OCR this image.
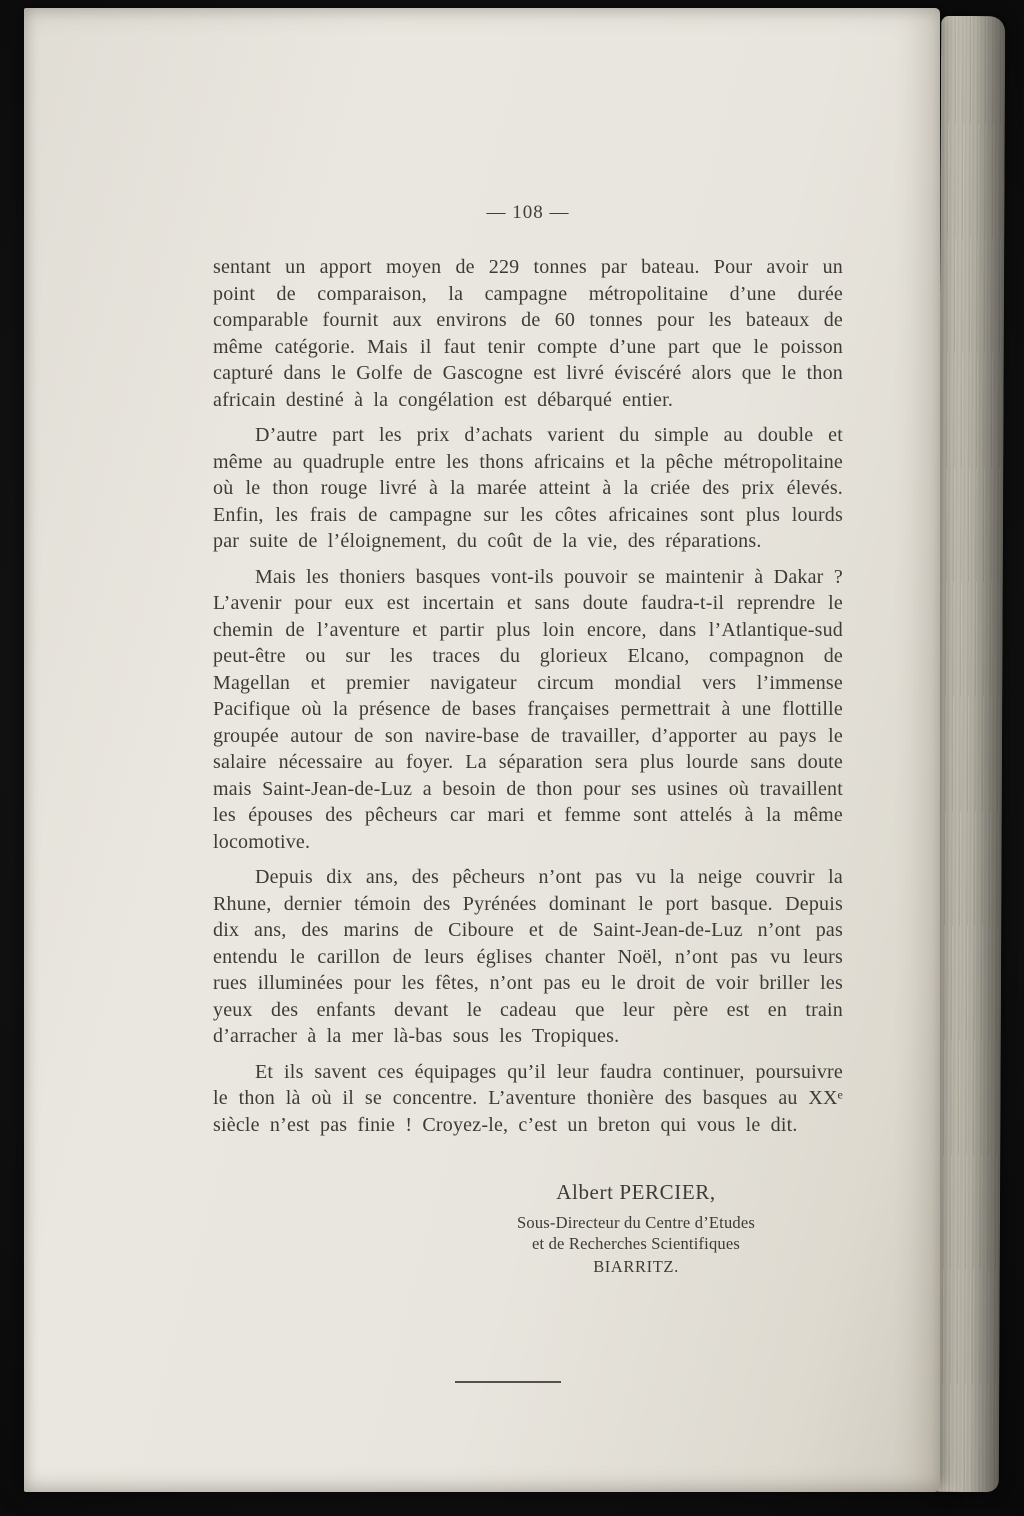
— 108 —

sentant un apport moyen de 229 tonnes par bateau. Pour avoir un point de comparaison, la campagne métropolitaine d’une durée comparable fournit aux environs de 60 tonnes pour les bateaux de même catégorie. Mais il faut tenir compte d’une part que le poisson capturé dans le Golfe de Gascogne est livré éviscéré alors que le thon africain destiné à la congélation est débarqué entier.

D’autre part les prix d’achats varient du simple au double et même au quadruple entre les thons africains et la pêche métropolitaine où le thon rouge livré à la marée atteint à la criée des prix élevés. Enfin, les frais de campagne sur les côtes africaines sont plus lourds par suite de l’éloignement, du coût de la vie, des réparations.

Mais les thoniers basques vont-ils pouvoir se maintenir à Dakar ? L’avenir pour eux est incertain et sans doute faudra-t-il reprendre le chemin de l’aventure et partir plus loin encore, dans l’Atlantique-sud peut-être ou sur les traces du glorieux Elcano, compagnon de Magellan et premier navigateur circum mondial vers l’immense Pacifique où la présence de bases françaises permettrait à une flottille groupée autour de son navire-base de travailler, d’apporter au pays le salaire nécessaire au foyer. La séparation sera plus lourde sans doute mais Saint-Jean-de-Luz a besoin de thon pour ses usines où travaillent les épouses des pêcheurs car mari et femme sont attelés à la même locomotive.

Depuis dix ans, des pêcheurs n’ont pas vu la neige couvrir la Rhune, dernier témoin des Pyrénées dominant le port basque. Depuis dix ans, des marins de Ciboure et de Saint-Jean-de-Luz n’ont pas entendu le carillon de leurs églises chanter Noël, n’ont pas vu leurs rues illuminées pour les fêtes, n’ont pas eu le droit de voir briller les yeux des enfants devant le cadeau que leur père est en train d’arracher à la mer là-bas sous les Tropiques.

Et ils savent ces équipages qu’il leur faudra continuer, poursuivre le thon là où il se concentre. L’aventure thonière des basques au XXᵉ siècle n’est pas finie ! Croyez-le, c’est un breton qui vous le dit.

Albert PERCIER,
Sous-Directeur du Centre d’Etudes
et de Recherches Scientifiques
BIARRITZ.
